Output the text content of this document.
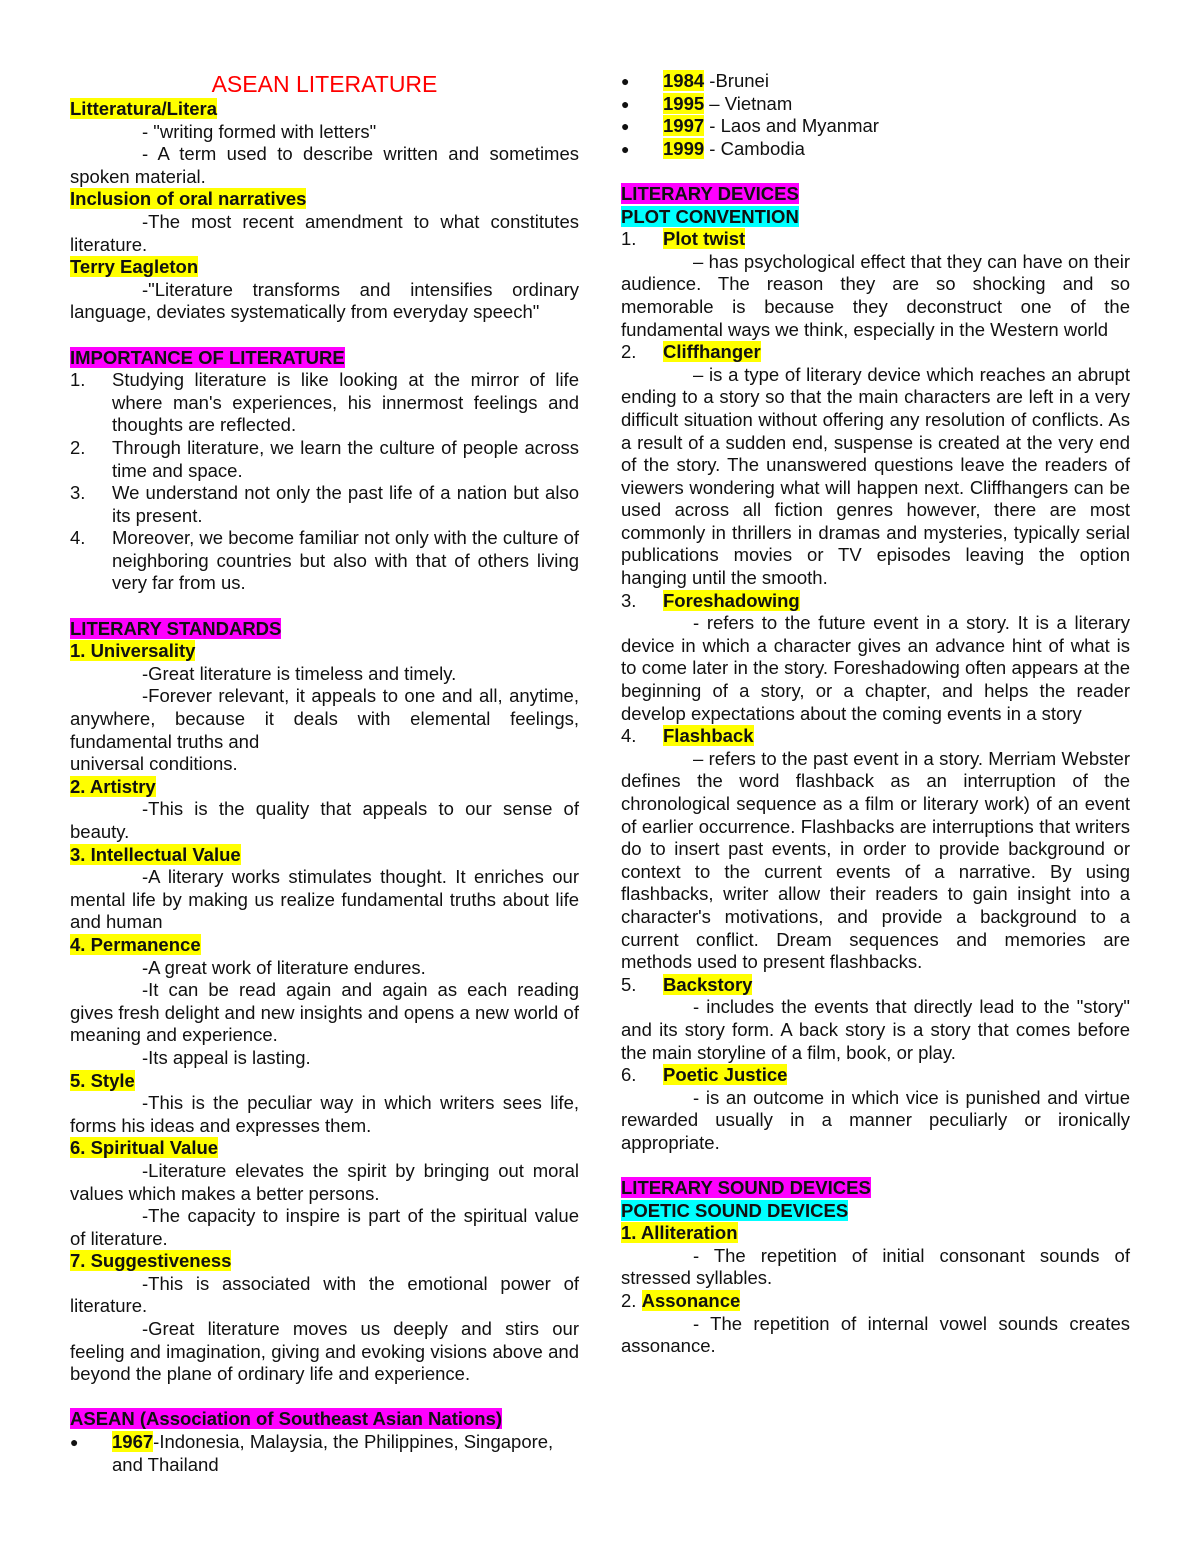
ASEAN LITERATURE

Litteratura/Litera

- "writing formed with letters"

- A term used to describe written and sometimes spoken material.

Inclusion of oral narratives

-The most recent amendment to what constitutes literature.

Terry Eagleton

-"Literature transforms and intensifies ordinary language, deviates systematically from everyday speech"

IMPORTANCE OF LITERATURE

1.	Studying literature is like looking at the mirror of life where man's experiences, his innermost feelings and thoughts are reflected.
2.	Through literature, we learn the culture of people across time and space.
3.	We understand not only the past life of a nation but also its present.
4.	Moreover, we become familiar not only with the culture of neighboring countries but also with that of others living very far from us.

LITERARY STANDARDS

1. Universality

-Great literature is timeless and timely.

-Forever relevant, it appeals to one and all, anytime, anywhere, because it deals with elemental feelings, fundamental truths and

universal conditions.

2. Artistry

-This is the quality that appeals to our sense of beauty.

3. Intellectual Value

-A literary works stimulates thought. It enriches our mental life by making us realize fundamental truths about life and human

4. Permanence

-A great work of literature endures.

-It can be read again and again as each reading gives fresh delight and new insights and opens a new world of meaning and experience.

-Its appeal is lasting.

5. Style

-This is the peculiar way in which writers sees life, forms his ideas and expresses them.

6. Spiritual Value

-Literature elevates the spirit by bringing out moral values which makes a better persons.

-The capacity to inspire is part of the spiritual value of literature.

7. Suggestiveness

-This is associated with the emotional power of literature.

-Great literature moves us deeply and stirs our feeling and imagination, giving and evoking visions above and beyond the plane of ordinary life and experience.

ASEAN (Association of Southeast Asian Nations)

●	1967-Indonesia, Malaysia, the Philippines, Singapore, and Thailand
●	1984 -Brunei
●	1995 – Vietnam
●	1997 - Laos and Myanmar
●	1999 - Cambodia

LITERARY DEVICES

PLOT CONVENTION

1. Plot twist

– has psychological effect that they can have on their audience. The reason they are so shocking and so memorable is because they deconstruct one of the fundamental ways we think, especially in the Western world

2. Cliffhanger

– is a type of literary device which reaches an abrupt ending to a story so that the main characters are left in a very difficult situation without offering any resolution of conflicts. As a result of a sudden end, suspense is created at the very end of the story. The unanswered questions leave the readers of viewers wondering what will happen next. Cliffhangers can be used across all fiction genres however, there are most commonly in thrillers in dramas and mysteries, typically serial publications movies or TV episodes leaving the option hanging until the smooth.

3. Foreshadowing

- refers to the future event in a story. It is a literary device in which a character gives an advance hint of what is to come later in the story. Foreshadowing often appears at the beginning of a story, or a chapter, and helps the reader develop expectations about the coming events in a story

4. Flashback

– refers to the past event in a story. Merriam Webster defines the word flashback as an interruption of the chronological sequence as a film or literary work) of an event of earlier occurrence. Flashbacks are interruptions that writers do to insert past events, in order to provide background or context to the current events of a narrative. By using flashbacks, writer allow their readers to gain insight into a character's motivations, and provide a background to a current conflict. Dream sequences and memories are methods used to present flashbacks.

5. Backstory

- includes the events that directly lead to the "story" and its story form. A back story is a story that comes before the main storyline of a film, book, or play.

6. Poetic Justice

- is an outcome in which vice is punished and virtue rewarded usually in a manner peculiarly or ironically appropriate.

LITERARY SOUND DEVICES

POETIC SOUND DEVICES

1. Alliteration

- The repetition of initial consonant sounds of stressed syllables.

2. Assonance

- The repetition of internal vowel sounds creates assonance.
